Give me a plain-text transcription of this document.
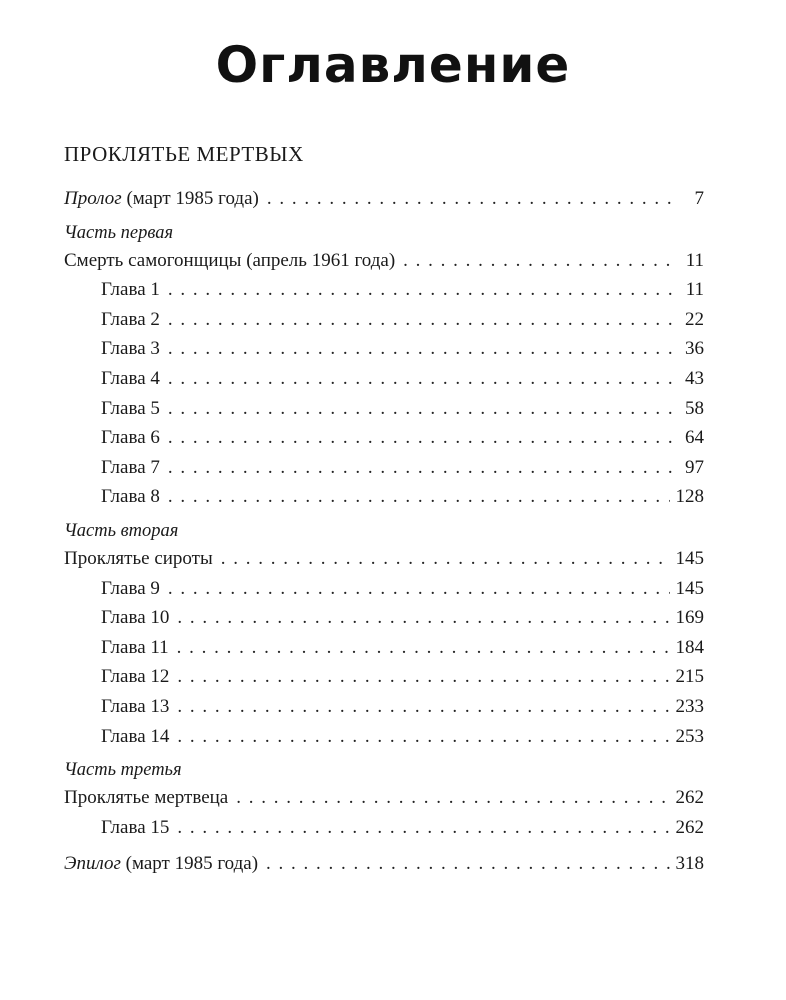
Оглавление
ПРОКЛЯТЬЕ МЕРТВЫХ
Пролог (март 1985 года) . . .	7
Часть первая
Смерть самогонщицы (апрель 1961 года) . . .	11
Глава 1 . . .	11
Глава 2 . . .	22
Глава 3 . . .	36
Глава 4 . . .	43
Глава 5 . . .	58
Глава 6 . . .	64
Глава 7 . . .	97
Глава 8 . . .	128
Часть вторая
Проклятье сироты . . .	145
Глава 9 . . .	145
Глава 10 . . .	169
Глава 11 . . .	184
Глава 12 . . .	215
Глава 13 . . .	233
Глава 14 . . .	253
Часть третья
Проклятье мертвеца . . .	262
Глава 15 . . .	262
Эпилог (март 1985 года) . . .	318
